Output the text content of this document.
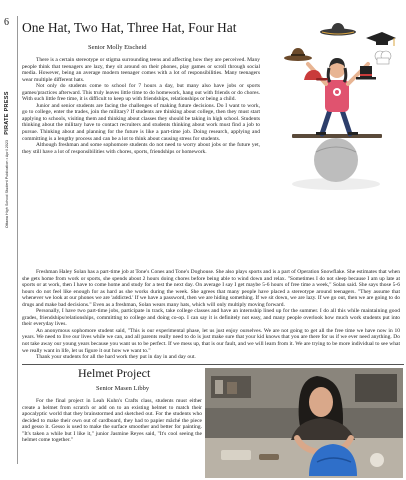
6
Ottawa High School Student Publication • April 2023 PIRATE PRESS
One Hat, Two Hat, Three Hat, Four Hat
Senior Molly Etscheid

There is a certain stereotype or stigma surrounding teens and affecting how they are perceived. Many people think that teenagers are lazy, they sit around on their phones, play games or scroll through social media. However, being an average modern teenager comes with a lot of responsibilities. Many teenagers wear multiple different hats.

Not only do students come to school for 7 hours a day, but many also have jobs or sports games/practices afterward. This truly leaves little time to do homework, hang out with friends or do chores. With such little free time, it is difficult to keep up with friendships, relationships or being a child.

Junior and senior students are facing the challenges of making future decisions. Do I want to work, go to college, enter the trades, join the military? If students are thinking about college, then they must start applying to schools, visiting them and thinking about classes they should be taking in high school. Students thinking about the military have to contact recruiters and students thinking about work must find a job to pursue. Thinking about and planning for the future is like a part-time job. Doing research, applying and committing is a lengthy process and can be a lot to think about causing stress for students.

Although freshman and some sophomore students do not need to worry about jobs or the future yet, they still have a lot of responsibilities with chores, sports, friendships or homework.

Freshman Haley Solan has a part-time job at Tone's Cones and Tone's Doghouse. She also plays sports and is a part of Operation Snowflake. She estimates that when she gets home from work or sports, she spends about 2 hours doing chores before being able to wind down and relax. "Sometimes I do not sleep because I am up late at sports or at work, then I have to come home and study for a test the next day. On average I say I get maybe 5-6 hours of free time a week," Solan said. She says those 5-6 hours do not feel like enough for as hard as she works during the week. She agrees that many people have placed a stereotype around teenagers. "They assume that whenever we look at our phones we are 'addicted.' If we have a password, then we are hiding something. If we sit down, we are lazy. If we go out, then we are going to do drugs and make bad decisions." Even as a freshman, Solan wears many hats, which will only multiply moving forward.

Personally, I have two part-time jobs, participate in track, take college classes and have an internship lined up for the summer. I do all this while maintaining good grades, friendships/relationships, committing to college and doing co-op. I can say it is definitely not easy, and many people overlook how much work students put into their everyday lives.

An anonymous sophomore student said, "This is our experimental phase, let us just enjoy ourselves. We are not going to get all the free time we have now in 10 years. We need to live our lives while we can, and all parents really need to do is just make sure that your kid knows that you are there for us if we ever need anything. Do not take away our young years because you want us to be perfect. If we mess up, that is our fault, and we will learn from it. We are trying to be more individual to see what we really want in life, let us figure it out how we want to."

Thank your students for all the hard work they put in day in and day out.

Helmet Project
Senior Masen Libby

For the final project in Leah Kuhn's Crafts class, students must either create a helmet from scratch or add on to an existing helmet to match their apocalyptic world that they brainstormed and sketched out. For the students who decided to make their own out of cardboard, they had to papier mâché the piece and gesso it. Gesso is used to make the surface smoother and better for painting. "It's taken a while but I like it," junior Jasmine Reyes said, "It's cool seeing the helmet come together."
